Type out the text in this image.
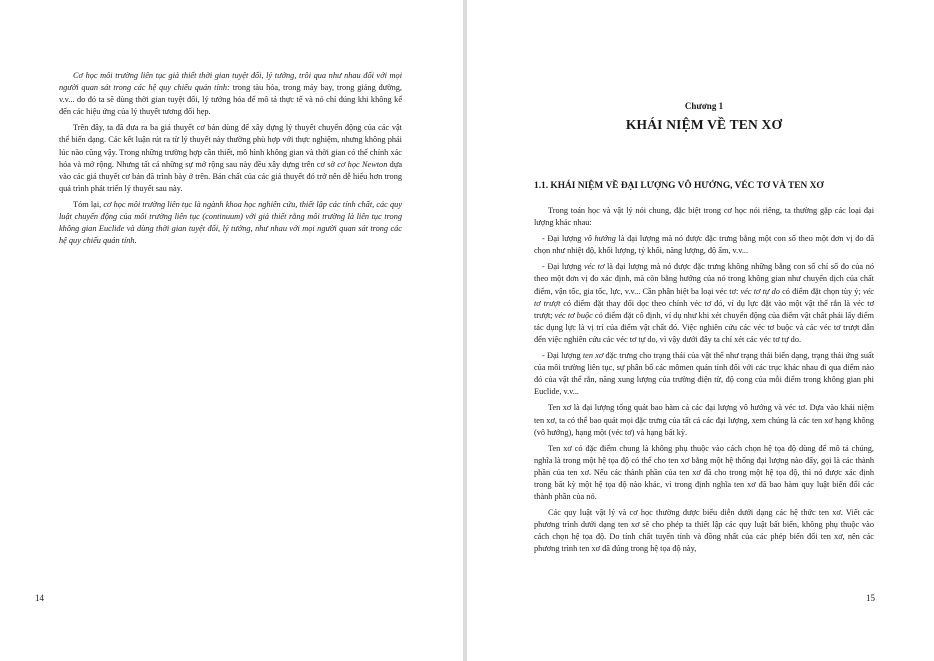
Cơ học môi trường liên tục giả thiết thời gian tuyệt đối, lý tưởng, trôi qua như nhau đối với mọi người quan sát trong các hệ quy chiếu quán tính: trong tàu hỏa, trong máy bay, trong giảng đường, v.v... do đó ta sẽ dùng thời gian tuyệt đối, lý tưởng hóa để mô tả thực tế và nó chỉ đúng khi không kể đến các hiệu ứng của lý thuyết tương đối hẹp.

Trên đây, ta đã đưa ra ba giả thuyết cơ bản dùng để xây dựng lý thuyết chuyển động của các vật thể biến dạng. Các kết luận rút ra từ lý thuyết này thường phù hợp với thực nghiệm, nhưng không phải lúc nào cũng vậy. Trong những trường hợp cần thiết, mô hình không gian và thời gian có thể chính xác hóa và mở rộng. Nhưng tất cả những sự mở rộng sau này đều xây dựng trên cơ sở cơ học Newton dựa vào các giả thuyết cơ bản đã trình bày ở trên. Bản chất của các giả thuyết đó trở nên dễ hiểu hơn trong quá trình phát triển lý thuyết sau này.

Tóm lại, cơ học môi trường liên tục là ngành khoa học nghiên cứu, thiết lập các tính chất, các quy luật chuyển động của môi trường liên tục (continuum) với giả thiết rằng môi trường là liên tục trong không gian Euclide và dùng thời gian tuyệt đối, lý tưởng, như nhau với mọi người quan sát trong các hệ quy chiếu quán tính.

14
Chương 1
KHÁI NIỆM VỀ TEN XƠ
1.1. KHÁI NIỆM VỀ ĐẠI LƯỢNG VÔ HƯỚNG, VÉC TƠ VÀ TEN XƠ

Trong toán học và vật lý nói chung, đặc biệt trong cơ học nói riêng, ta thường gặp các loại đại lượng khác nhau:

- Đại lượng vô hướng là đại lượng mà nó được đặc trưng bằng một con số theo một đơn vị đo đã chọn như nhiệt độ, khối lượng, tỷ khối, năng lượng, độ ẩm, v.v...

- Đại lượng véc tơ là đại lượng mà nó được đặc trưng không những bằng con số chỉ số đo của nó theo một đơn vị đo xác định, mà còn bằng hướng của nó trong không gian như chuyển dịch của chất điểm, vận tốc, gia tốc, lực, v.v... Cần phân biệt ba loại véc tơ: véc tơ tự do có điểm đặt chọn tùy ý; véc tơ trượt có điểm đặt thay đổi dọc theo chính véc tơ đó, ví dụ lực đặt vào một vật thể rắn là véc tơ trượt; véc tơ buộc có điểm đặt cố định, ví dụ như khi xét chuyển động của điểm vật chất phải lấy điểm tác dụng lực là vị trí của điểm vật chất đó. Việc nghiên cứu các véc tơ buộc và các véc tơ trượt dẫn đến việc nghiên cứu các véc tơ tự do, vì vậy dưới đây ta chỉ xét các véc tơ tự do.

- Đại lượng ten xơ đặc trưng cho trạng thái của vật thể như trạng thái biến dạng, trạng thái ứng suất của môi trường liên tục, sự phân bố các mômen quán tính đối với các trục khác nhau đi qua điểm nào đó của vật thể rắn, năng xung lượng của trường điện từ, độ cong của mỗi điểm trong không gian phi Euclide, v.v...

Ten xơ là đại lượng tổng quát bao hàm cả các đại lượng vô hướng và véc tơ. Dựa vào khái niệm ten xơ, ta có thể bao quát mọi đặc trưng của tất cả các đại lượng, xem chúng là các ten xơ hạng không (vô hướng), hạng một (véc tơ) và hạng bất kỳ.

Ten xơ có đặc điểm chung là không phụ thuộc vào cách chọn hệ tọa độ dùng để mô tả chúng, nghĩa là trong một hệ tọa độ có thể cho ten xơ bằng một hệ thống đại lượng nào đấy, gọi là các thành phần của ten xơ. Nếu các thành phần của ten xơ đã cho trong một hệ tọa độ, thì nó được xác định trong bất kỳ một hệ tọa độ nào khác, vì trong định nghĩa ten xơ đã bao hàm quy luật biến đổi các thành phần của nó.

Các quy luật vật lý và cơ học thường được biểu diễn dưới dạng các hệ thức ten xơ. Viết các phương trình dưới dạng ten xơ sẽ cho phép ta thiết lập các quy luật bất biến, không phụ thuộc vào cách chọn hệ tọa độ. Do tính chất tuyến tính và đồng nhất của các phép biến đổi ten xơ, nên các phương trình ten xơ đã đúng trong hệ tọa độ này,

15
